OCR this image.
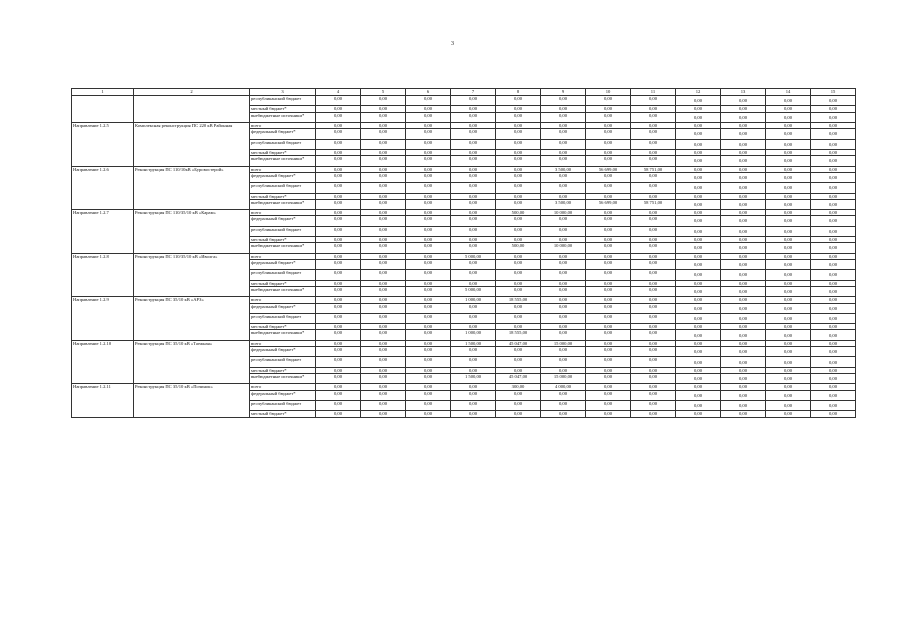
3
1	2	3	4	5	6	7	8	9	10	11	12	13	14	15
		республиканский бюджет	0,00	0,00	0,00	0,00	0,00	0,00	0,00	0,00	0,00	0,00	0,00	0,00
		местный бюджет*	0,00	0,00	0,00	0,00	0,00	0,00	0,00	0,00	0,00	0,00	0,00	0,00
		внебюджетные источники*	0,00	0,00	0,00	0,00	0,00	0,00	0,00	0,00	0,00	0,00	0,00	0,00
Направление 1.2.5	Комплексная реконструкция ПС 220 кВ Районная	всего	0,00	0,00	0,00	0,00	0,00	0,00	0,00	0,00	0,00	0,00	0,00	0,00
		федеральный бюджет*	0,00	0,00	0,00	0,00	0,00	0,00	0,00	0,00	0,00	0,00	0,00	0,00
		республиканский бюджет	0,00	0,00	0,00	0,00	0,00	0,00	0,00	0,00	0,00	0,00	0,00	0,00
		местный бюджет*	0,00	0,00	0,00	0,00	0,00	0,00	0,00	0,00	0,00	0,00	0,00	0,00
		внебюджетные источники*	0,00	0,00	0,00	0,00	0,00	0,00	0,00	0,00	0,00	0,00	0,00	0,00
Направление 1.2.6	Реконструкция ПС 110/10кВ «Буровостерой»	всего	0,00	0,00	0,00	0,00	0,00	3 500,00	56 699,00	58 751,00	0,00	0,00	0,00	0,00
		федеральный бюджет*	0,00	0,00	0,00	0,00	0,00	0,00	0,00	0,00	0,00	0,00	0,00	0,00
		республиканский бюджет	0,00	0,00	0,00	0,00	0,00	0,00	0,00	0,00	0,00	0,00	0,00	0,00
		местный бюджет*	0,00	0,00	0,00	0,00	0,00	0,00	0,00	0,00	0,00	0,00	0,00	0,00
		внебюджетные источники*	0,00	0,00	0,00	0,00	0,00	3 500,00	56 699,00	58 751,00	0,00	0,00	0,00	0,00
Направление 1.2.7	Реконструкция ПС 110/35/10 кВ «Карам»	всего	0,00	0,00	0,00	0,00	500,00	10 000,00	0,00	0,00	0,00	0,00	0,00	0,00
		федеральный бюджет*	0,00	0,00	0,00	0,00	0,00	0,00	0,00	0,00	0,00	0,00	0,00	0,00
		республиканский бюджет	0,00	0,00	0,00	0,00	0,00	0,00	0,00	0,00	0,00	0,00	0,00	0,00
		местный бюджет*	0,00	0,00	0,00	0,00	0,00	0,00	0,00	0,00	0,00	0,00	0,00	0,00
		внебюджетные источники*	0,00	0,00	0,00	0,00	500,00	10 000,00	0,00	0,00	0,00	0,00	0,00	0,00
Направление 1.2.8	Реконструкция ПС 110/35/10 кВ «Иволга»	всего	0,00	0,00	0,00	5 000,00	0,00	0,00	0,00	0,00	0,00	0,00	0,00	0,00
		федеральный бюджет*	0,00	0,00	0,00	0,00	0,00	0,00	0,00	0,00	0,00	0,00	0,00	0,00
		республиканский бюджет	0,00	0,00	0,00	0,00	0,00	0,00	0,00	0,00	0,00	0,00	0,00	0,00
		местный бюджет*	0,00	0,00	0,00	0,00	0,00	0,00	0,00	0,00	0,00	0,00	0,00	0,00
		внебюджетные источники*	0,00	0,00	0,00	5 000,00	0,00	0,00	0,00	0,00	0,00	0,00	0,00	0,00
Направление 1.2.9	Реконструкция ПС 35/10 кВ «АРЗ»	всего	0,00	0,00	0,00	1 000,00	18 555,00	0,00	0,00	0,00	0,00	0,00	0,00	0,00
		федеральный бюджет*	0,00	0,00	0,00	0,00	0,00	0,00	0,00	0,00	0,00	0,00	0,00	0,00
		республиканский бюджет	0,00	0,00	0,00	0,00	0,00	0,00	0,00	0,00	0,00	0,00	0,00	0,00
		местный бюджет*	0,00	0,00	0,00	0,00	0,00	0,00	0,00	0,00	0,00	0,00	0,00	0,00
		внебюджетные источники*	0,00	0,00	0,00	1 000,00	18 555,00	0,00	0,00	0,00	0,00	0,00	0,00	0,00
Направление 1.2.10	Реконструкция ПС 35/10 кВ «Таежная»	всего	0,00	0,00	0,00	1 500,00	45 047,00	15 000,00	0,00	0,00	0,00	0,00	0,00	0,00
		федеральный бюджет*	0,00	0,00	0,00	0,00	0,00	0,00	0,00	0,00	0,00	0,00	0,00	0,00
		республиканский бюджет	0,00	0,00	0,00	0,00	0,00	0,00	0,00	0,00	0,00	0,00	0,00	0,00
		местный бюджет*	0,00	0,00	0,00	0,00	0,00	0,00	0,00	0,00	0,00	0,00	0,00	0,00
		внебюджетные источники*	0,00	0,00	0,00	1 500,00	45 047,00	15 000,00	0,00	0,00	0,00	0,00	0,00	0,00
Направление 1.2.11	Реконструкция ПС 35/10 кВ «Починок»	всего	0,00	0,00	0,00	0,00	300,00	4 000,00	0,00	0,00	0,00	0,00	0,00	0,00
		федеральный бюджет*	0,00	0,00	0,00	0,00	0,00	0,00	0,00	0,00	0,00	0,00	0,00	0,00
		республиканский бюджет	0,00	0,00	0,00	0,00	0,00	0,00	0,00	0,00	0,00	0,00	0,00	0,00
		местный бюджет*	0,00	0,00	0,00	0,00	0,00	0,00	0,00	0,00	0,00	0,00	0,00	0,00
